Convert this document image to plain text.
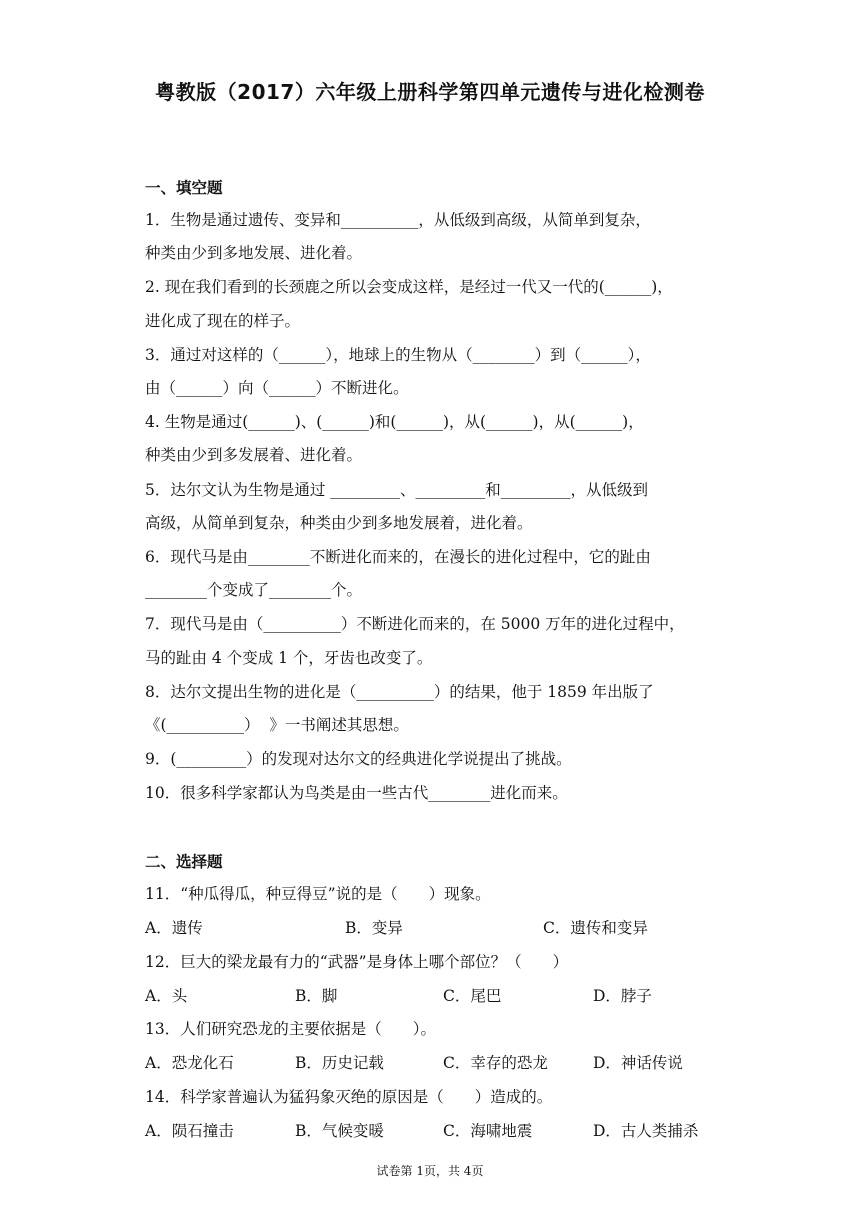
粤教版（2017）六年级上册科学第四单元遗传与进化检测卷
一、填空题
1．生物是通过遗传、变异和__________，从低级到高级，从简单到复杂，
种类由少到多地发展、进化着。
2. 现在我们看到的长颈鹿之所以会变成这样，是经过一代又一代的(______)，
进化成了现在的样子。
3．通过对这样的（______），地球上的生物从（________）到（______），
由（______）向（______）不断进化。
4. 生物是通过(______)、(______)和(______)，从(______)，从(______)，
种类由少到多发展着、进化着。
5．达尔文认为生物是通过 _________、_________和_________，从低级到
高级，从简单到复杂，种类由少到多地发展着，进化着。
6．现代马是由________不断进化而来的，在漫长的进化过程中，它的趾由
________个变成了________个。
7．现代马是由（__________）不断进化而来的，在 5000 万年的进化过程中，
马的趾由 4 个变成 1 个，牙齿也改变了。
8．达尔文提出生物的进化是（__________）的结果，他于 1859 年出版了
《(__________）  》一书阐述其思想。
9．(_________）的发现对达尔文的经典进化学说提出了挑战。
10．很多科学家都认为鸟类是由一些古代________进化而来。
二、选择题
11．“种瓜得瓜，种豆得豆”说的是（　　）现象。
A．遗传	B．变异	C．遗传和变异
12．巨大的梁龙最有力的“武器”是身体上哪个部位？（　　）
A．头	B．脚	C．尾巴	D．脖子
13．人们研究恐龙的主要依据是（　　）。
A．恐龙化石	B．历史记载	C．幸存的恐龙	D．神话传说
14．科学家普遍认为猛犸象灭绝的原因是（　　）造成的。
A．陨石撞击	B．气候变暖	C．海啸地震	D．古人类捕杀
试卷第 1页，共 4页
